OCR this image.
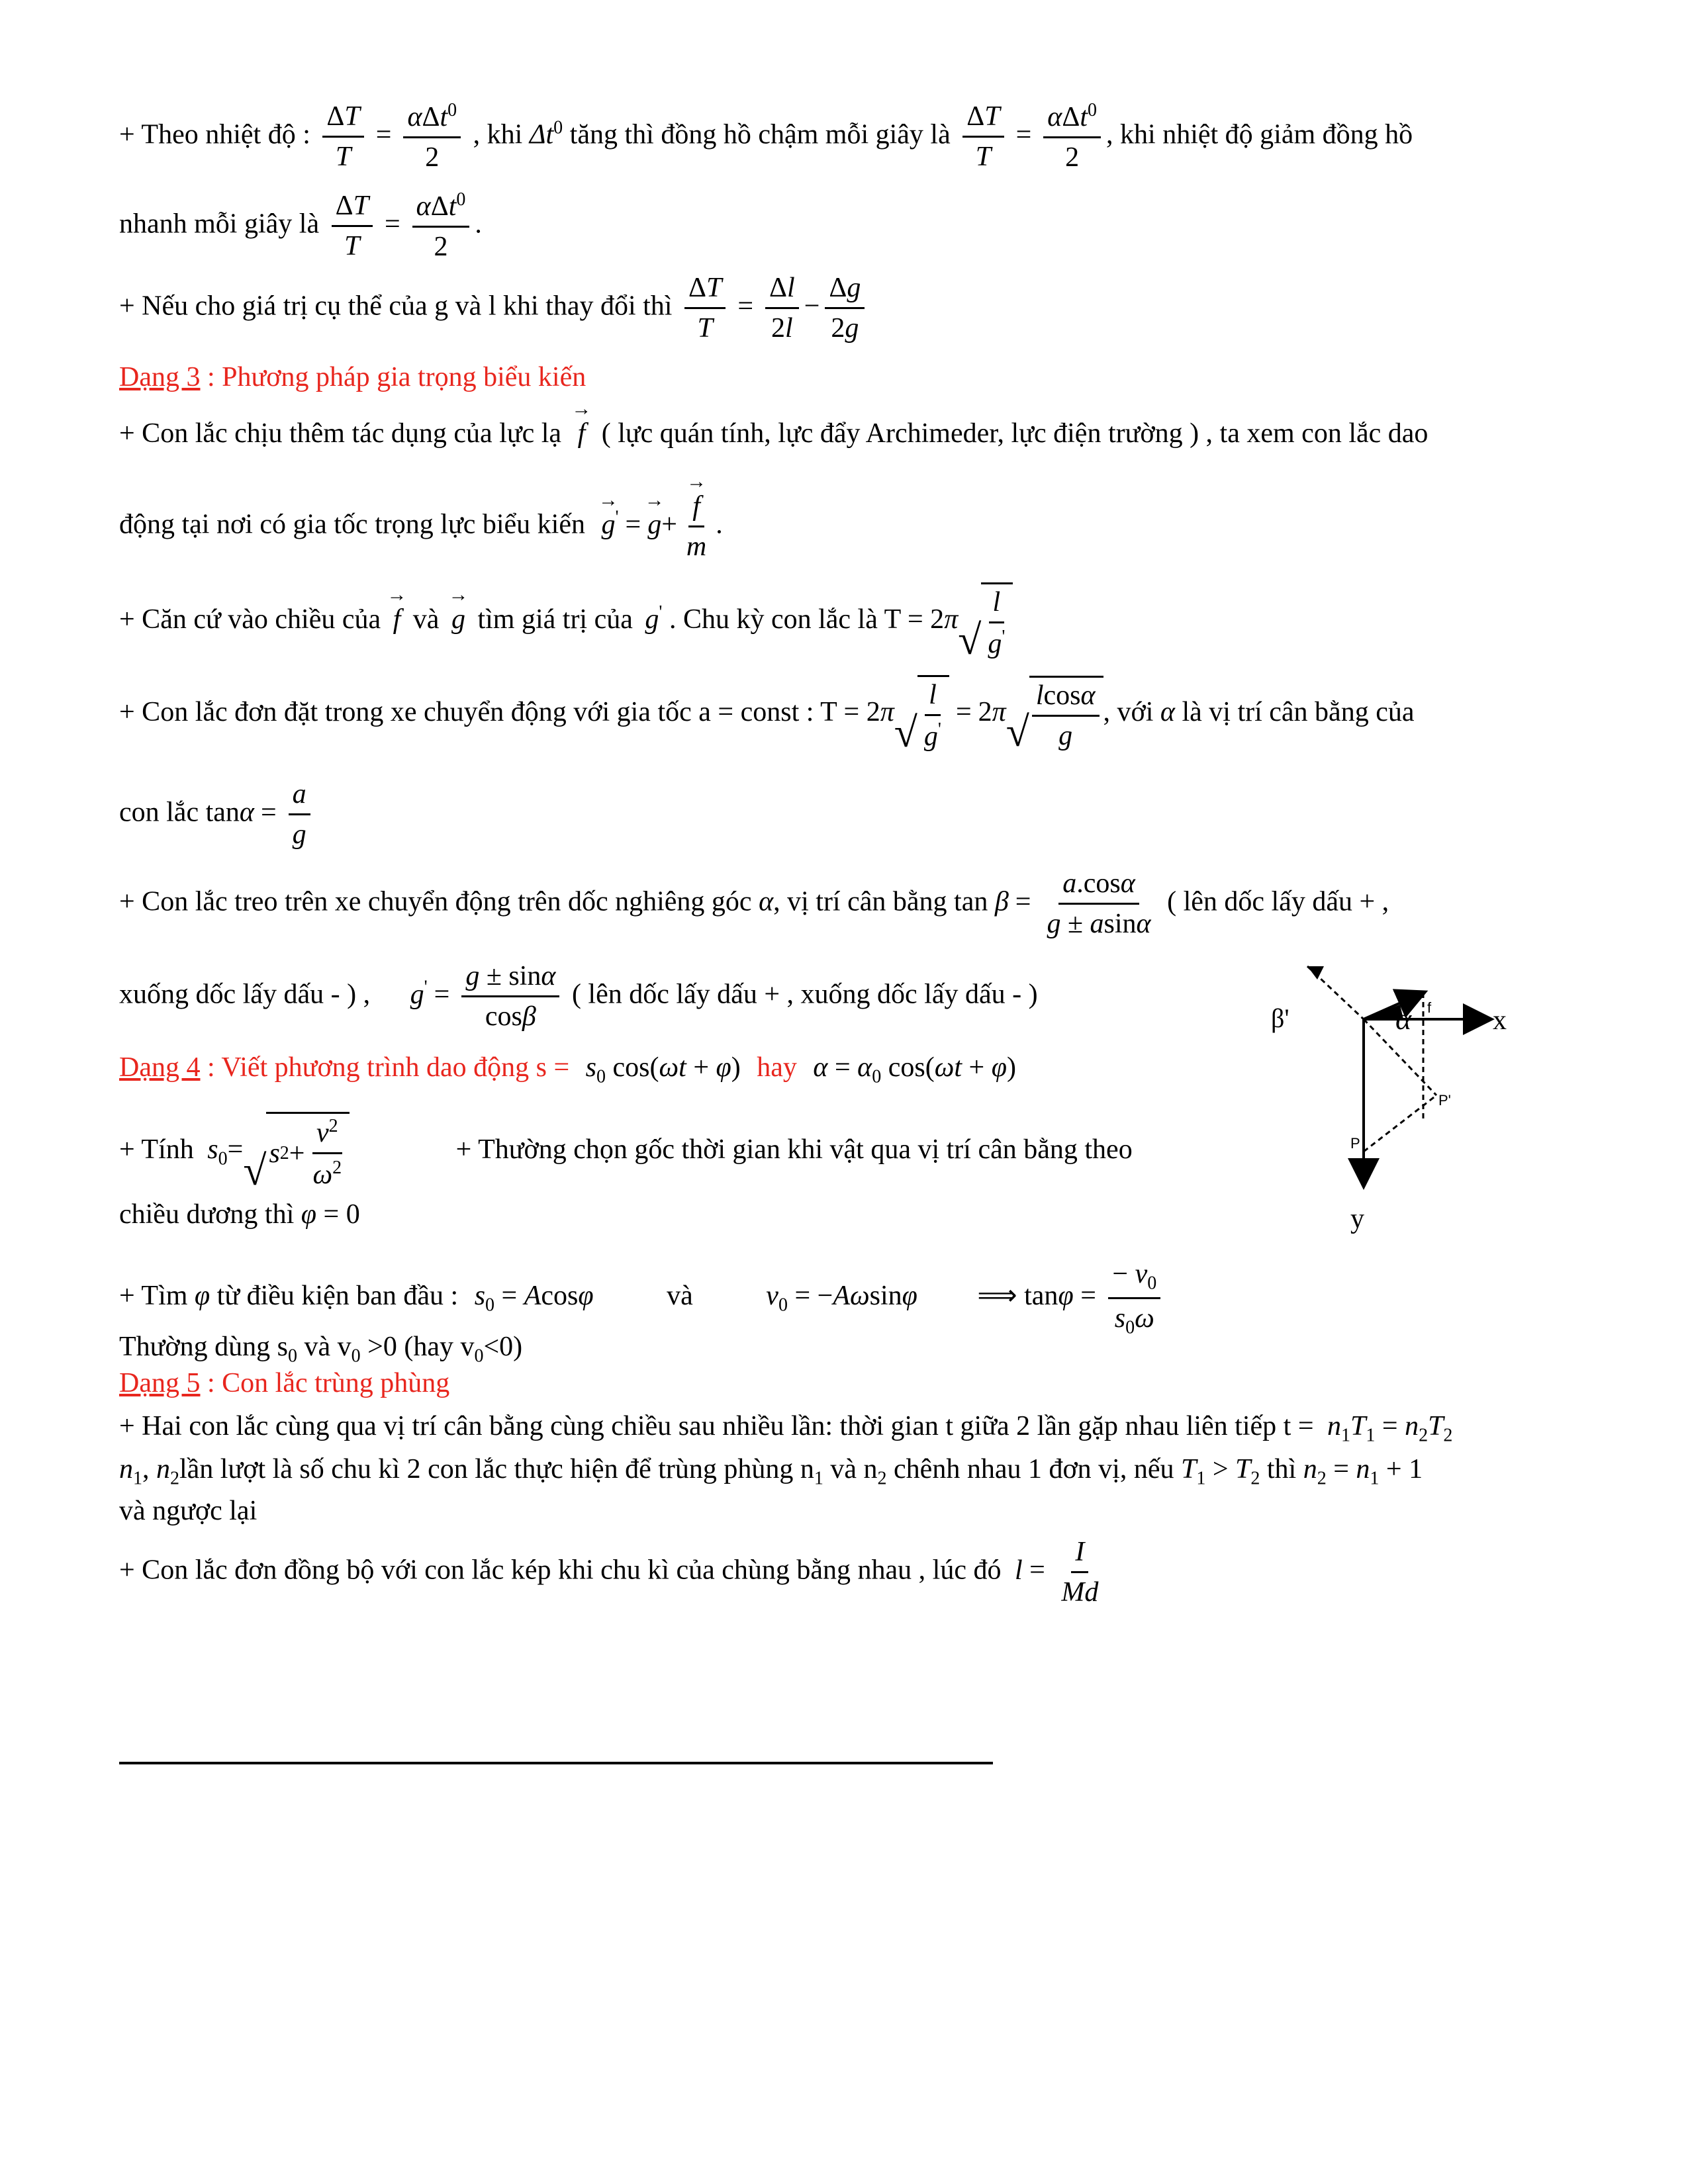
+ Theo nhiệt độ : $\frac{\Delta T}{T} = \frac{\alpha\Delta t^0}{2}$ , khi $\Delta t^0$ tăng thì đồng hồ chậm mỗi giây là $\frac{\Delta T}{T} = \frac{\alpha\Delta t^0}{2}$ , khi nhiệt độ giảm đồng hồ
nhanh mỗi giây là $\frac{\Delta T}{T} = \frac{\alpha\Delta t^0}{2}$ .
+ Nếu cho giá trị cụ thể của g và l khi thay đổi thì $\frac{\Delta T}{T} = \frac{\Delta l}{2l} - \frac{\Delta g}{2g}$
Dạng 3 : Phương pháp gia trọng biểu kiến
+ Con lắc chịu thêm tác dụng của lực lạ → f ( lực quán tính, lực đẩy Archimeder, lực điện trường ) , ta xem con lắc dao
động tại nơi có gia tốc trọng lực biểu kiến → g' = → $g+ \to \frac{f}{m}$ .
+ Căn cứ vào chiều của → f và → g tìm giá trị của g' . Chu kỳ con lắc là T = 2π √ $\frac{l}{g'}$
+ Con lắc đơn đặt trong xe chuyển động với gia tốc a = const : T = 2π √ $\frac{l}{g'} = 2\pi$ √ $\frac{lcos\alpha}{g}$ , với α là vị trí cân bằng của
con lắc $\tan\alpha = \frac{a}{g}$
+ Con lắc treo trên xe chuyển động trên dốc nghiêng góc α, vị trí cân bằng $\tan \beta = \frac{a.\cos\alpha}{g \pm asin\alpha}$ ( lên dốc lấy dấu + ,
xuống dốc lấy dấu - ) , $g' = \frac{g \pm \sin\alpha}{\cos\beta}$ ( lên dốc lấy dấu + , xuống dốc lấy dấu - )
Dạng 4 : Viết phương trình dao động $s = s_0$ cos(ωt + φ) hay $\alpha = \alpha_0$ cos(ωt + φ)
+ Tính $s_0=$ √ s $2 + \frac{v^2}{\omega^2}$	+ Thường chọn gốc thời gian khi vật qua vị trí cân bằng theo
chiều dương thì φ = 0
+ Tìm φ từ điều kiện ban đầu : $s_0 = Acos\varphi$	và	$v_0 = -A\omega\sin\varphi$ ⟹ $\tan\varphi = \frac{- v_0}{s_0\omega}$
Thường dùng $s_0$ và $v_0 >0$ (hay $v_0<0$)
Dạng 5 : Con lắc trùng phùng
+ Hai con lắc cùng qua vị trí cân bằng cùng chiều sau nhiều lần: thời gian t giữa 2 lần gặp nhau liên tiếp $t = n_1T_1 = n_2T_2$
$n_1$, $n_2lần$ lượt là số chu kì 2 con lắc thực hiện để trùng phùng $n_1$ và $n_2$ chênh nhau 1 đơn vị, nếu $T_1 > T_2$ thì $n_2 = n_1 + 1$
và ngược lại
+ Con lắc đơn đồng bộ với con lắc kép khi chu kì của chùng bằng nhau , lúc đó $l = \frac{I}{Md}$
β'	α f x
P'
P
y
